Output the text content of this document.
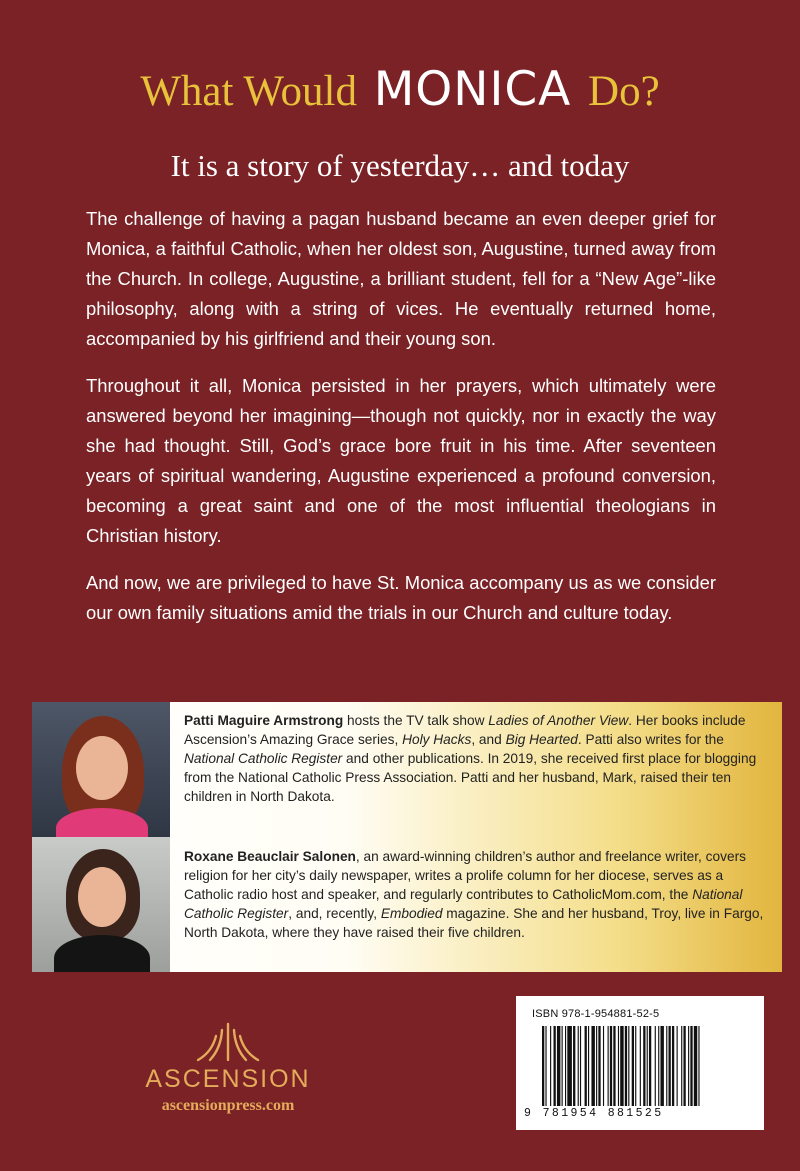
What Would MONICA Do?
It is a story of yesterday… and today

The challenge of having a pagan husband became an even deeper grief for Monica, a faithful Catholic, when her oldest son, Augustine, turned away from the Church. In college, Augustine, a brilliant student, fell for a “New Age”-like philosophy, along with a string of vices. He eventually returned home, accompanied by his girlfriend and their young son.

Throughout it all, Monica persisted in her prayers, which ultimately were answered beyond her imagining—though not quickly, nor in exactly the way she had thought. Still, God’s grace bore fruit in his time. After seventeen years of spiritual wandering, Augustine experienced a profound conversion, becoming a great saint and one of the most influential theologians in Christian history.

And now, we are privileged to have St. Monica accompany us as we consider our own family situations amid the trials in our Church and culture today.

Patti Maguire Armstrong hosts the TV talk show Ladies of Another View. Her books include Ascension’s Amazing Grace series, Holy Hacks, and Big Hearted. Patti also writes for the National Catholic Register and other publications. In 2019, she received first place for blogging from the National Catholic Press Association. Patti and her husband, Mark, raised their ten children in North Dakota.

Roxane Beauclair Salonen, an award-winning children’s author and freelance writer, covers religion for her city’s daily newspaper, writes a prolife column for her diocese, serves as a Catholic radio host and speaker, and regularly contributes to CatholicMom.com, the National Catholic Register, and, recently, Embodied magazine. She and her husband, Troy, live in Fargo, North Dakota, where they have raised their five children.

ASCENSION
ascensionpress.com
ISBN 978-1-954881-52-5
9 781954 881525
